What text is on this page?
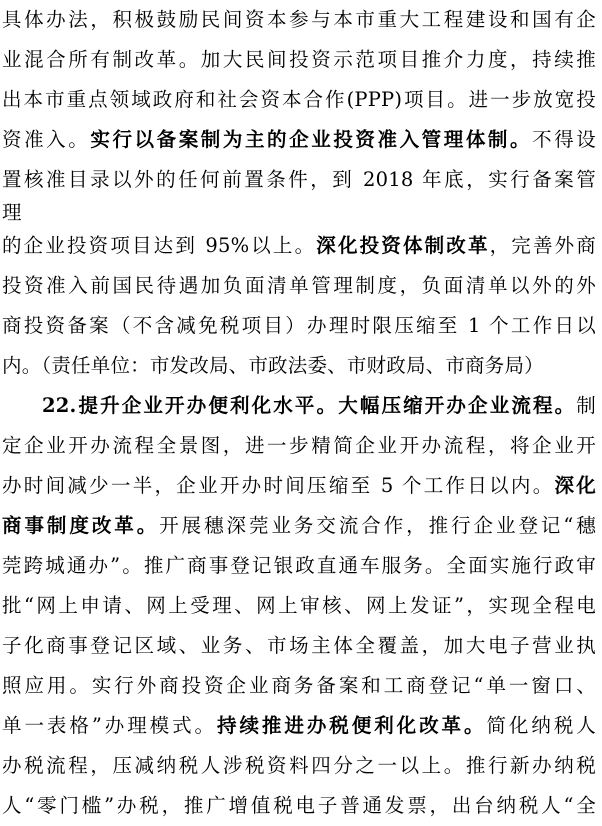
具体办法，积极鼓励民间资本参与本市重大工程建设和国有企
业混合所有制改革。加大民间投资示范项目推介力度，持续推
出本市重点领域政府和社会资本合作(PPP)项目。进一步放宽投
资准入。实行以备案制为主的企业投资准入管理体制。不得设
置核准目录以外的任何前置条件，到 2018 年底，实行备案管
理
的企业投资项目达到 95%以上。深化投资体制改革，完善外商
投资准入前国民待遇加负面清单管理制度，负面清单以外的外
商投资备案（不含减免税项目）办理时限压缩至 1 个工作日以
内。（责任单位：市发改局、市政法委、市财政局、市商务局）
22.提升企业开办便利化水平。大幅压缩开办企业流程。制
定企业开办流程全景图，进一步精简企业开办流程，将企业开
办时间减少一半，企业开办时间压缩至 5 个工作日以内。深化
商事制度改革。开展穗深莞业务交流合作，推行企业登记“穗
莞跨城通办”。推广商事登记银政直通车服务。全面实施行政审
批“网上申请、网上受理、网上审核、网上发证”，实现全程电
子化商事登记区域、业务、市场主体全覆盖，加大电子营业执
照应用。实行外商投资企业商务备案和工商登记“单一窗口、
单一表格”办理模式。持续推进办税便利化改革。简化纳税人
办税流程，压减纳税人涉税资料四分之一以上。推行新办纳税
人“零门槛”办税，推广增值税电子普通发票，出台纳税人“全
